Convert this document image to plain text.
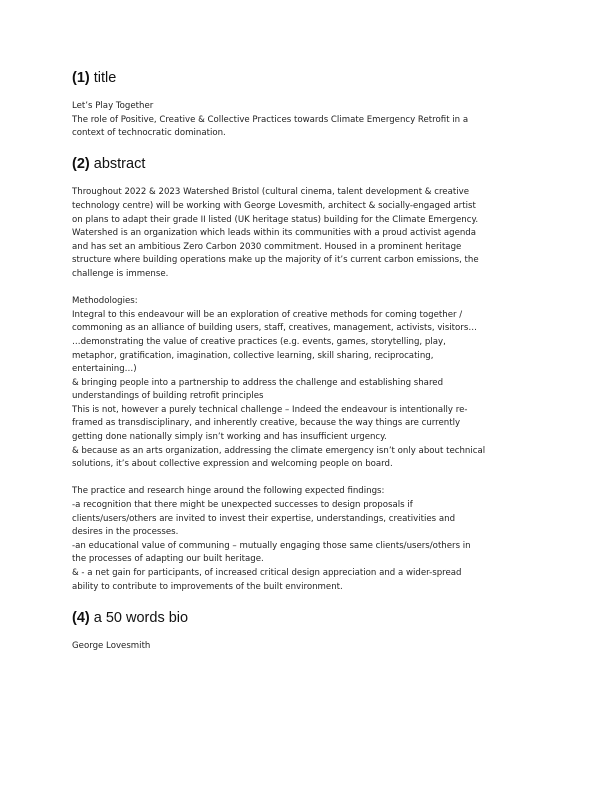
(1) title

Let’s Play Together
The role of Positive, Creative & Collective Practices towards Climate Emergency Retrofit in a
context of technocratic domination.

(2) abstract

Throughout 2022 & 2023 Watershed Bristol (cultural cinema, talent development & creative
technology centre) will be working with George Lovesmith, architect & socially-engaged artist
on plans to adapt their grade II listed (UK heritage status) building for the Climate Emergency.
Watershed is an organization which leads within its communities with a proud activist agenda
and has set an ambitious Zero Carbon 2030 commitment. Housed in a prominent heritage
structure where building operations make up the majority of it’s current carbon emissions, the
challenge is immense.

Methodologies:
Integral to this endeavour will be an exploration of creative methods for coming together /
commoning as an alliance of building users, staff, creatives, management, activists, visitors…
…demonstrating the value of creative practices (e.g. events, games, storytelling, play,
metaphor, gratification, imagination, collective learning, skill sharing, reciprocating,
entertaining…)
& bringing people into a partnership to address the challenge and establishing shared
understandings of building retrofit principles
This is not, however a purely technical challenge – Indeed the endeavour is intentionally re-
framed as transdisciplinary, and inherently creative, because the way things are currently
getting done nationally simply isn’t working and has insufficient urgency.
& because as an arts organization, addressing the climate emergency isn’t only about technical
solutions, it’s about collective expression and welcoming people on board.

The practice and research hinge around the following expected findings:
-a recognition that there might be unexpected successes to design proposals if
clients/users/others are invited to invest their expertise, understandings, creativities and
desires in the processes.
-an educational value of communing – mutually engaging those same clients/users/others in
the processes of adapting our built heritage.
& - a net gain for participants, of increased critical design appreciation and a wider-spread
ability to contribute to improvements of the built environment.

(4) a 50 words bio

George Lovesmith
